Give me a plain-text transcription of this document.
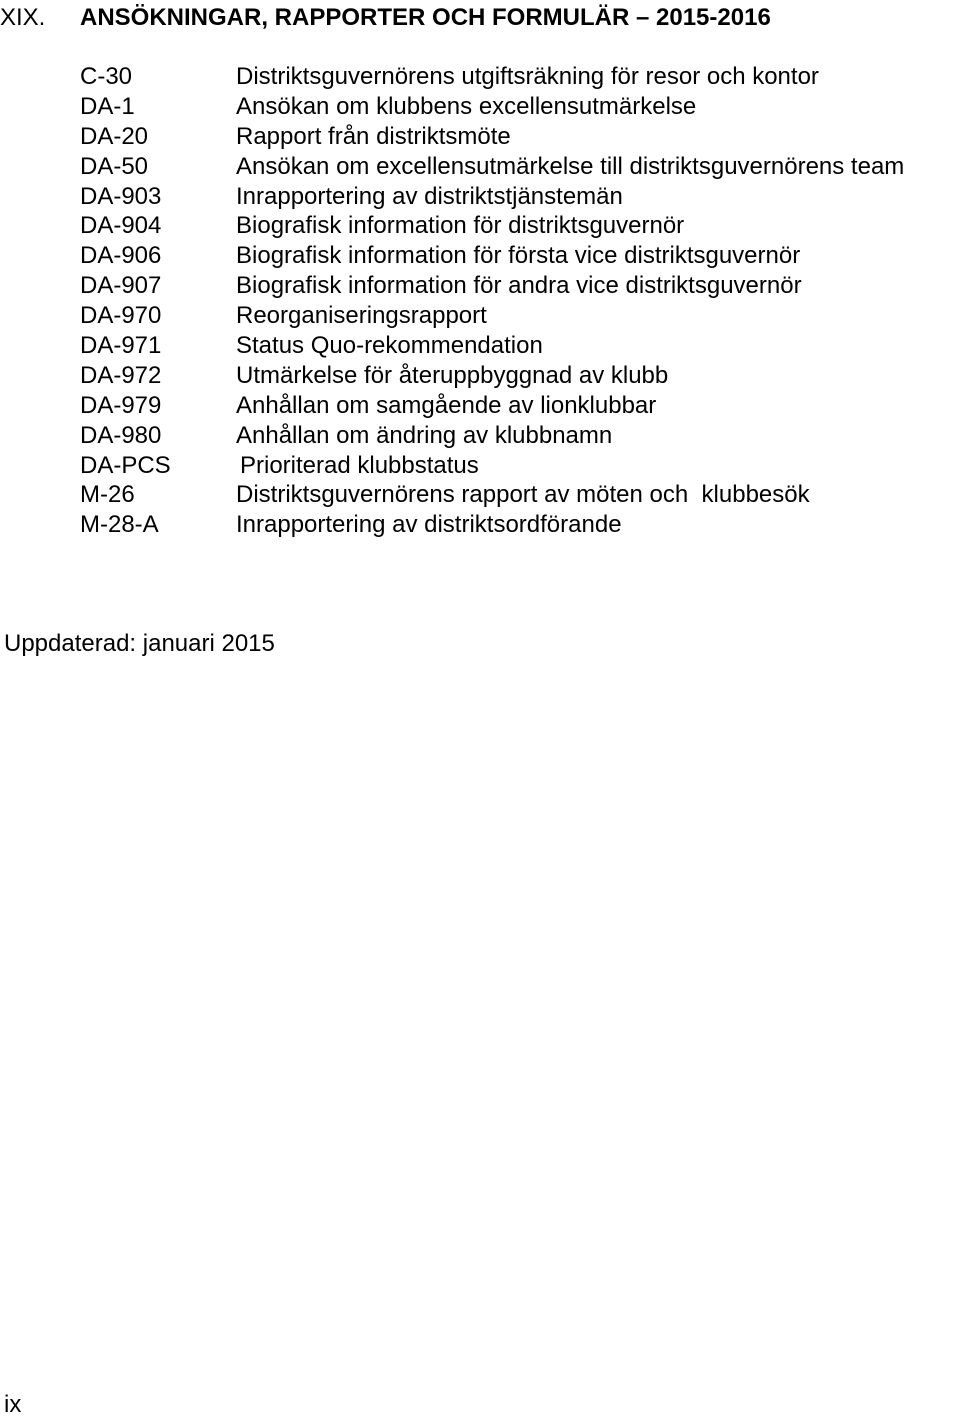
XIX. ANSÖKNINGAR, RAPPORTER OCH FORMULÄR – 2015-2016
C-30	Distriktsguvernörens utgiftsräkning för resor och kontor
DA-1	Ansökan om klubbens excellensutmärkelse
DA-20	Rapport från distriktsmöte
DA-50	Ansökan om excellensutmärkelse till distriktsguvernörens team
DA-903	Inrapportering av distriktstjänstemän
DA-904	Biografisk information för distriktsguvernör
DA-906	Biografisk information för första vice distriktsguvernör
DA-907	Biografisk information för andra vice distriktsguvernör
DA-970	Reorganiseringsrapport
DA-971	Status Quo-rekommendation
DA-972	Utmärkelse för återuppbyggnad av klubb
DA-979	Anhållan om samgående av lionklubbar
DA-980	Anhållan om ändring av klubbnamn
DA-PCS	Prioriterad klubbstatus
M-26	Distriktsguvernörens rapport av möten och  klubbesök
M-28-A	Inrapportering av distriktsordförande
Uppdaterad: januari 2015
ix
